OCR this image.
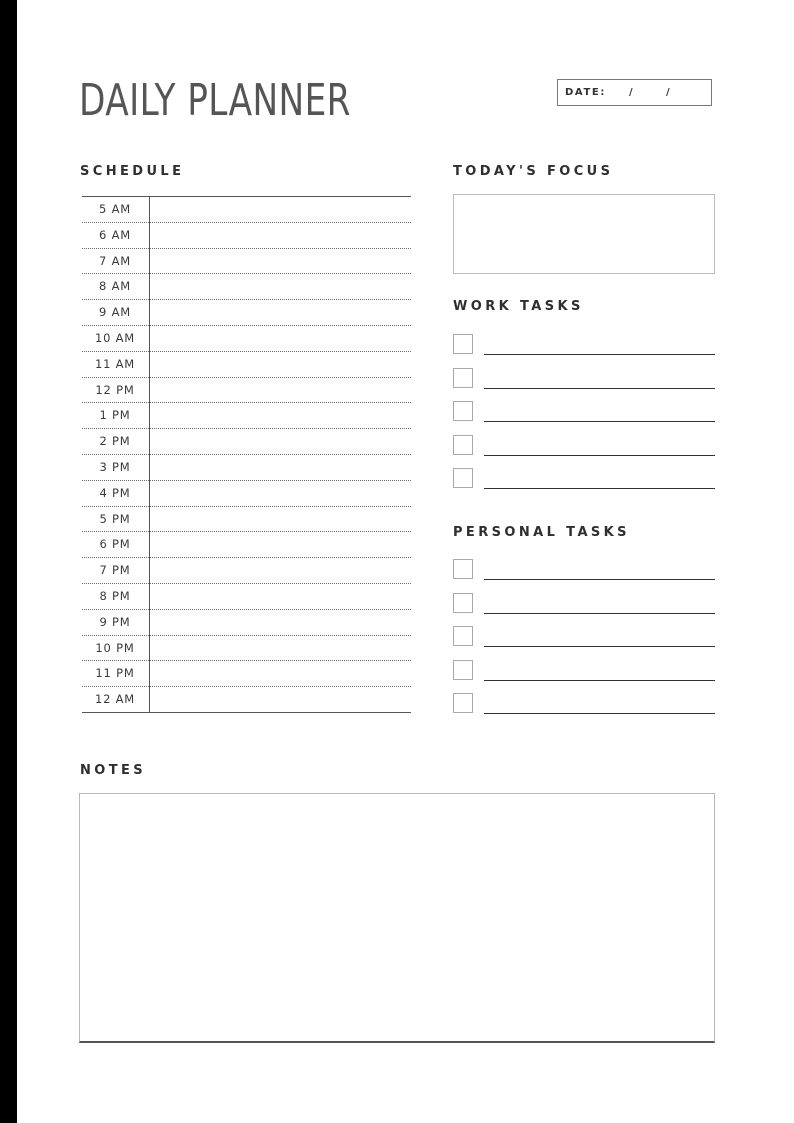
DAILY PLANNER	DATE: /	/
SCHEDULE
5 AM
6 AM
7 AM
8 AM
9 AM
10 AM
11 AM
12 PM
1 PM
2 PM
3 PM
4 PM
5 PM
6 PM
7 PM
8 PM
9 PM
10 PM
11 PM
12 AM
TODAY'S FOCUS
WORK TASKS
PERSONAL TASKS
NOTES
